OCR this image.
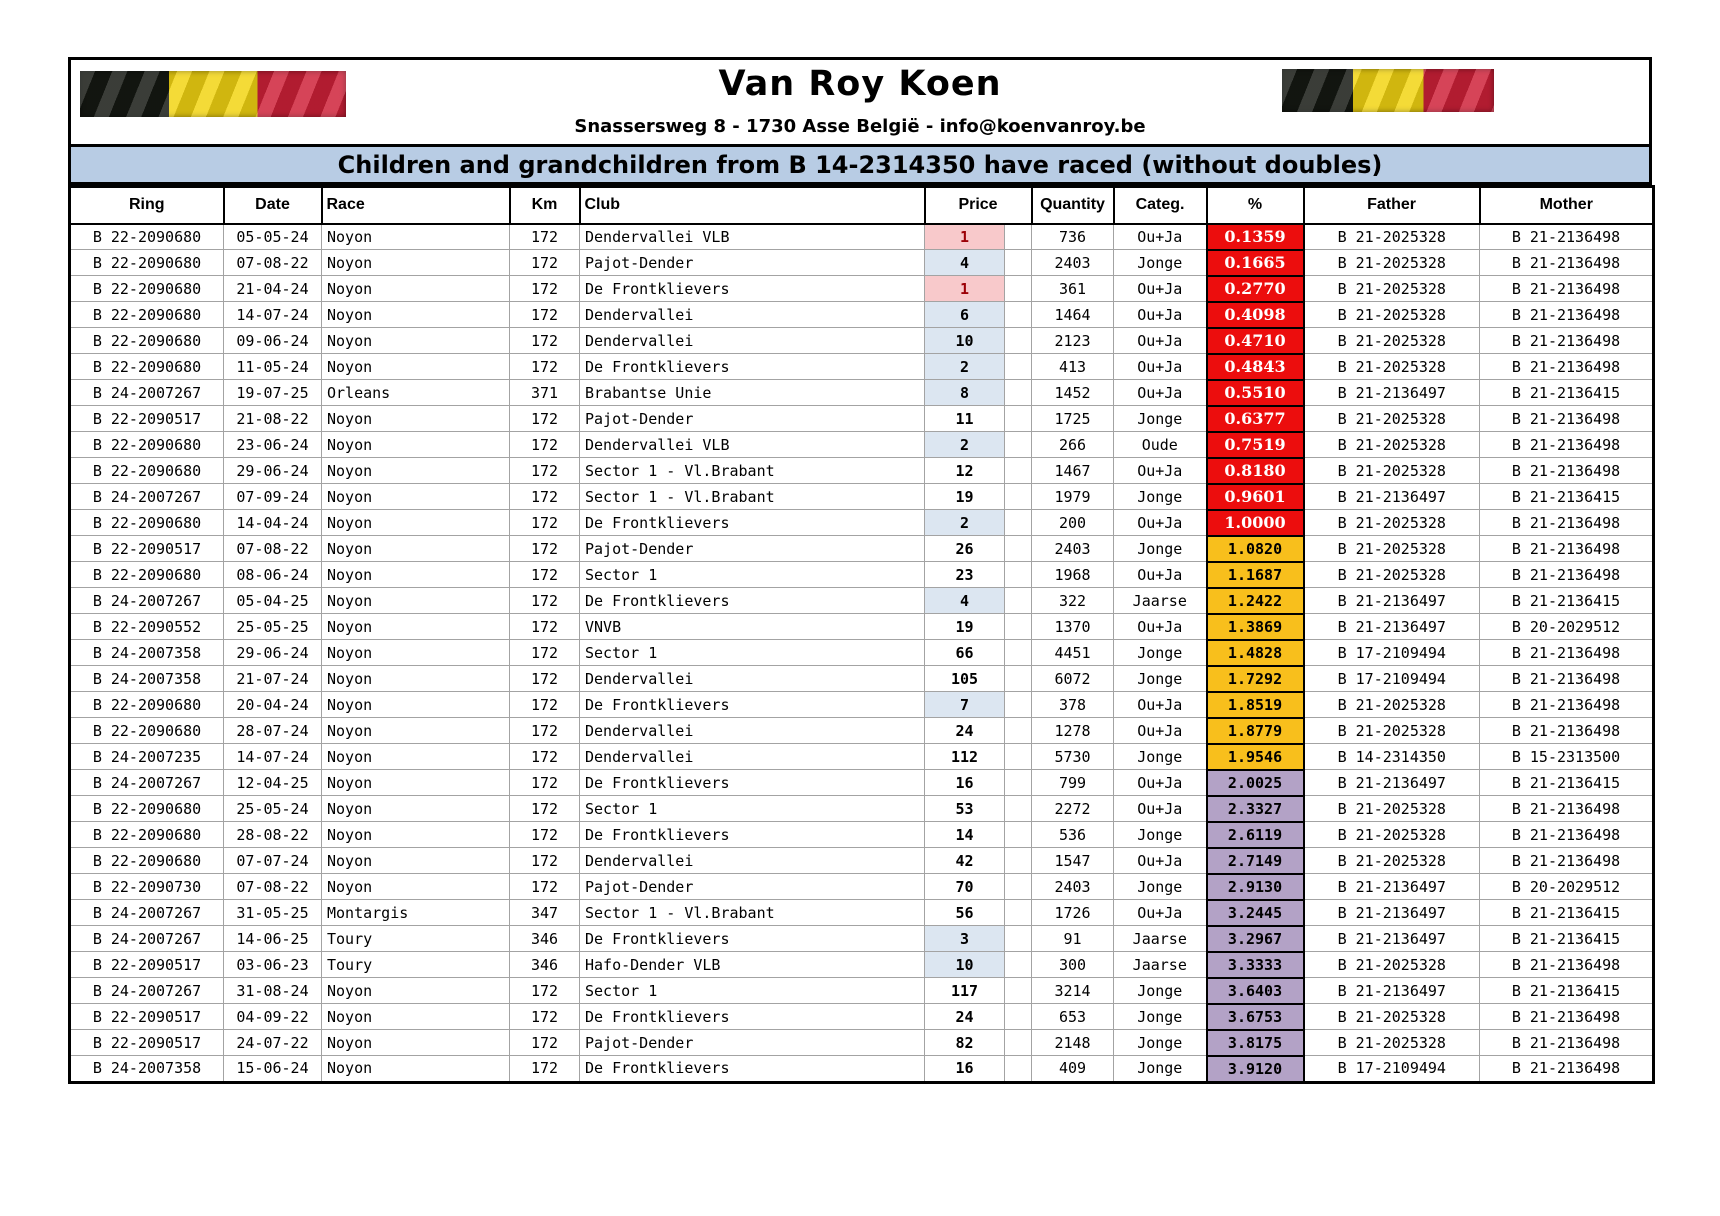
Van Roy Koen
Snassersweg 8 - 1730 Asse België - info@koenvanroy.be
Children and grandchildren from B 14-2314350 have raced (without doubles)
Ring	Date	Race	Km	Club	Price		Quantity	Categ.	%	Father	Mother
B 22-2090680	05-05-24	Noyon	172	Dendervallei VLB	1		736	Ou+Ja	0.1359	B 21-2025328	B 21-2136498
B 22-2090680	07-08-22	Noyon	172	Pajot-Dender	4		2403	Jonge	0.1665	B 21-2025328	B 21-2136498
B 22-2090680	21-04-24	Noyon	172	De Frontklievers	1		361	Ou+Ja	0.2770	B 21-2025328	B 21-2136498
B 22-2090680	14-07-24	Noyon	172	Dendervallei	6		1464	Ou+Ja	0.4098	B 21-2025328	B 21-2136498
B 22-2090680	09-06-24	Noyon	172	Dendervallei	10		2123	Ou+Ja	0.4710	B 21-2025328	B 21-2136498
B 22-2090680	11-05-24	Noyon	172	De Frontklievers	2		413	Ou+Ja	0.4843	B 21-2025328	B 21-2136498
B 24-2007267	19-07-25	Orleans	371	Brabantse Unie	8		1452	Ou+Ja	0.5510	B 21-2136497	B 21-2136415
B 22-2090517	21-08-22	Noyon	172	Pajot-Dender	11		1725	Jonge	0.6377	B 21-2025328	B 21-2136498
B 22-2090680	23-06-24	Noyon	172	Dendervallei VLB	2		266	Oude	0.7519	B 21-2025328	B 21-2136498
B 22-2090680	29-06-24	Noyon	172	Sector 1 - Vl.Brabant	12		1467	Ou+Ja	0.8180	B 21-2025328	B 21-2136498
B 24-2007267	07-09-24	Noyon	172	Sector 1 - Vl.Brabant	19		1979	Jonge	0.9601	B 21-2136497	B 21-2136415
B 22-2090680	14-04-24	Noyon	172	De Frontklievers	2		200	Ou+Ja	1.0000	B 21-2025328	B 21-2136498
B 22-2090517	07-08-22	Noyon	172	Pajot-Dender	26		2403	Jonge	1.0820	B 21-2025328	B 21-2136498
B 22-2090680	08-06-24	Noyon	172	Sector 1	23		1968	Ou+Ja	1.1687	B 21-2025328	B 21-2136498
B 24-2007267	05-04-25	Noyon	172	De Frontklievers	4		322	Jaarse	1.2422	B 21-2136497	B 21-2136415
B 22-2090552	25-05-25	Noyon	172	VNVB	19		1370	Ou+Ja	1.3869	B 21-2136497	B 20-2029512
B 24-2007358	29-06-24	Noyon	172	Sector 1	66		4451	Jonge	1.4828	B 17-2109494	B 21-2136498
B 24-2007358	21-07-24	Noyon	172	Dendervallei	105		6072	Jonge	1.7292	B 17-2109494	B 21-2136498
B 22-2090680	20-04-24	Noyon	172	De Frontklievers	7		378	Ou+Ja	1.8519	B 21-2025328	B 21-2136498
B 22-2090680	28-07-24	Noyon	172	Dendervallei	24		1278	Ou+Ja	1.8779	B 21-2025328	B 21-2136498
B 24-2007235	14-07-24	Noyon	172	Dendervallei	112		5730	Jonge	1.9546	B 14-2314350	B 15-2313500
B 24-2007267	12-04-25	Noyon	172	De Frontklievers	16		799	Ou+Ja	2.0025	B 21-2136497	B 21-2136415
B 22-2090680	25-05-24	Noyon	172	Sector 1	53		2272	Ou+Ja	2.3327	B 21-2025328	B 21-2136498
B 22-2090680	28-08-22	Noyon	172	De Frontklievers	14		536	Jonge	2.6119	B 21-2025328	B 21-2136498
B 22-2090680	07-07-24	Noyon	172	Dendervallei	42		1547	Ou+Ja	2.7149	B 21-2025328	B 21-2136498
B 22-2090730	07-08-22	Noyon	172	Pajot-Dender	70		2403	Jonge	2.9130	B 21-2136497	B 20-2029512
B 24-2007267	31-05-25	Montargis	347	Sector 1 - Vl.Brabant	56		1726	Ou+Ja	3.2445	B 21-2136497	B 21-2136415
B 24-2007267	14-06-25	Toury	346	De Frontklievers	3		91	Jaarse	3.2967	B 21-2136497	B 21-2136415
B 22-2090517	03-06-23	Toury	346	Hafo-Dender VLB	10		300	Jaarse	3.3333	B 21-2025328	B 21-2136498
B 24-2007267	31-08-24	Noyon	172	Sector 1	117		3214	Jonge	3.6403	B 21-2136497	B 21-2136415
B 22-2090517	04-09-22	Noyon	172	De Frontklievers	24		653	Jonge	3.6753	B 21-2025328	B 21-2136498
B 22-2090517	24-07-22	Noyon	172	Pajot-Dender	82		2148	Jonge	3.8175	B 21-2025328	B 21-2136498
B 24-2007358	15-06-24	Noyon	172	De Frontklievers	16		409	Jonge	3.9120	B 17-2109494	B 21-2136498
